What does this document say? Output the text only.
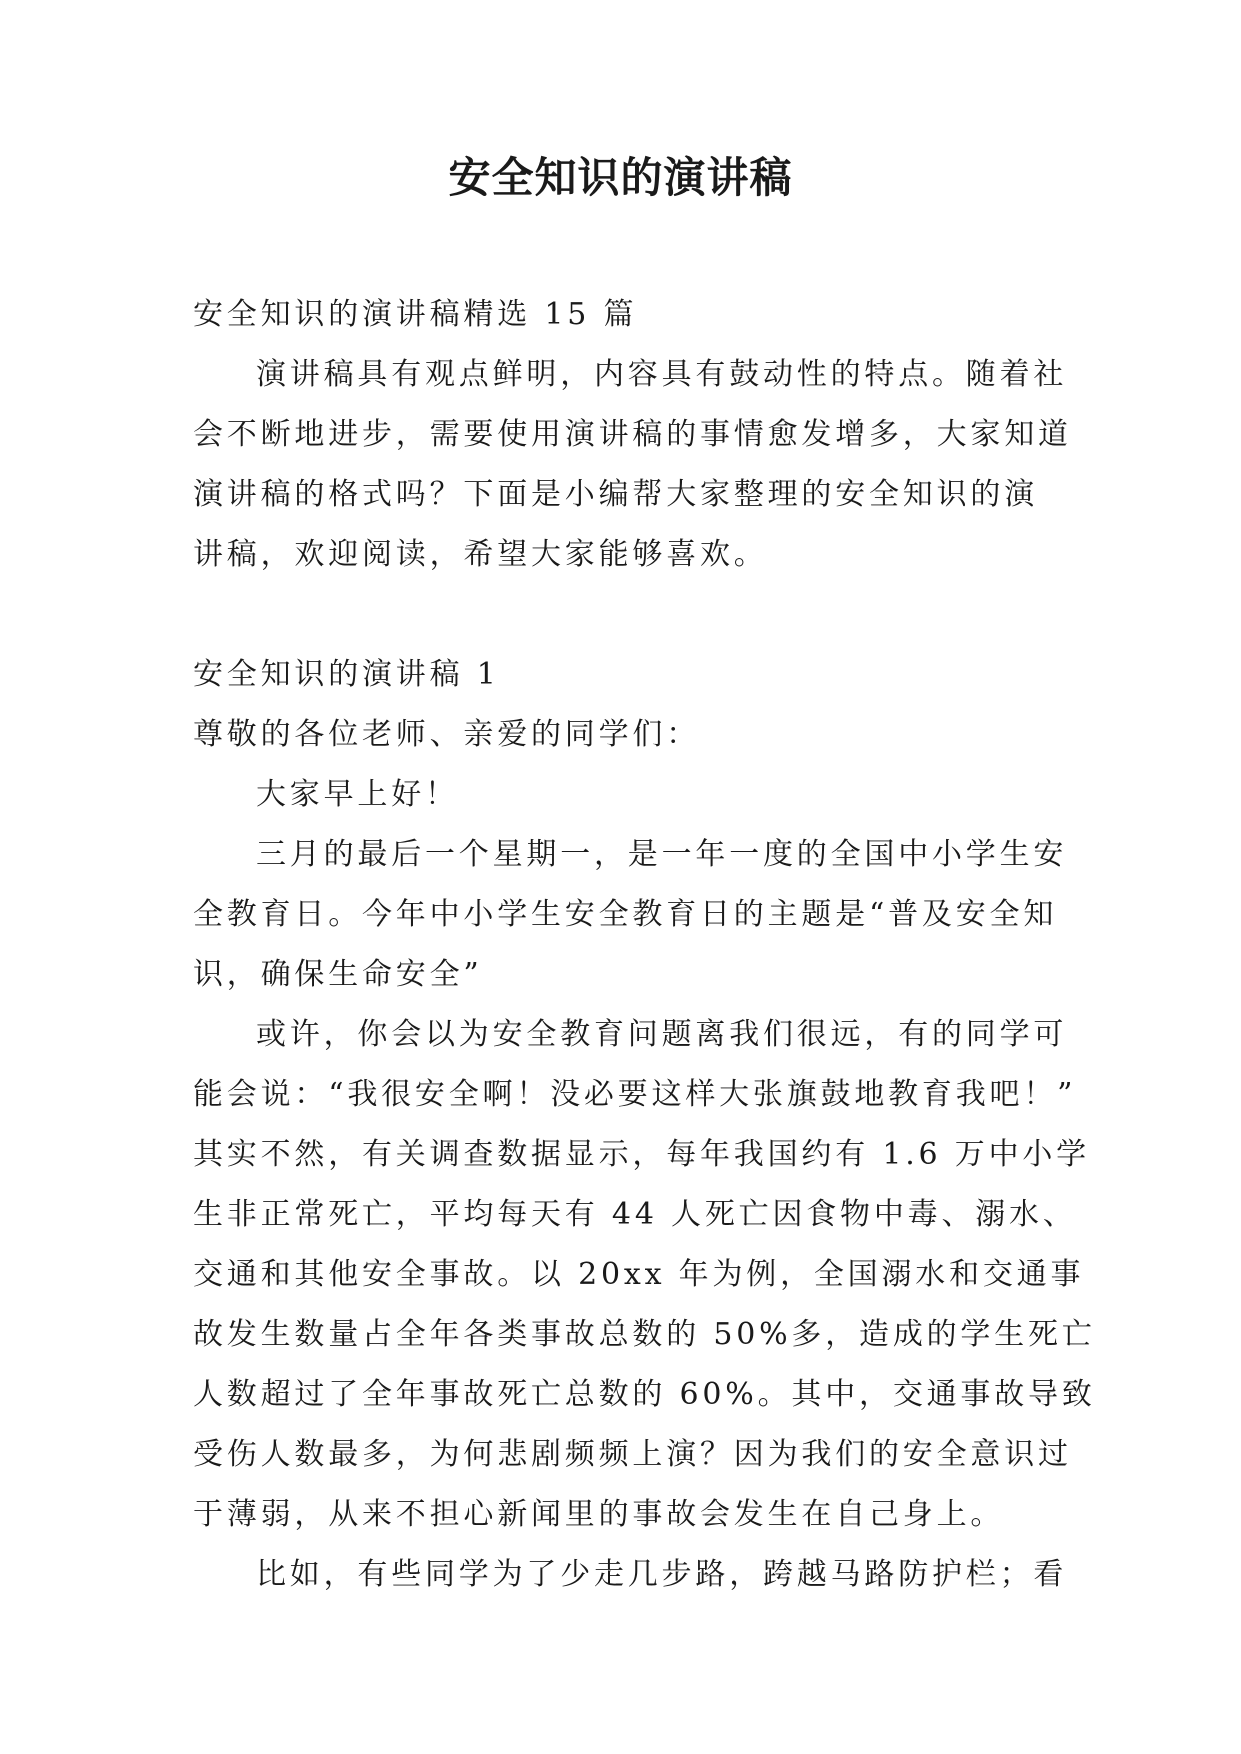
安全知识的演讲稿
安全知识的演讲稿精选 15 篇
演讲稿具有观点鲜明，内容具有鼓动性的特点。随着社
会不断地进步，需要使用演讲稿的事情愈发增多，大家知道
演讲稿的格式吗？下面是小编帮大家整理的安全知识的演
讲稿，欢迎阅读，希望大家能够喜欢。
安全知识的演讲稿 1
尊敬的各位老师、亲爱的同学们：
大家早上好！
三月的最后一个星期一，是一年一度的全国中小学生安
全教育日。今年中小学生安全教育日的主题是“普及安全知
识，确保生命安全”
或许，你会以为安全教育问题离我们很远，有的同学可
能会说：“我很安全啊！没必要这样大张旗鼓地教育我吧！”
其实不然，有关调查数据显示，每年我国约有 1.6 万中小学
生非正常死亡，平均每天有 44 人死亡因食物中毒、溺水、
交通和其他安全事故。以 20xx 年为例，全国溺水和交通事
故发生数量占全年各类事故总数的 50%多，造成的学生死亡
人数超过了全年事故死亡总数的 60%。其中，交通事故导致
受伤人数最多，为何悲剧频频上演？因为我们的安全意识过
于薄弱，从来不担心新闻里的事故会发生在自己身上。
比如，有些同学为了少走几步路，跨越马路防护栏；看
